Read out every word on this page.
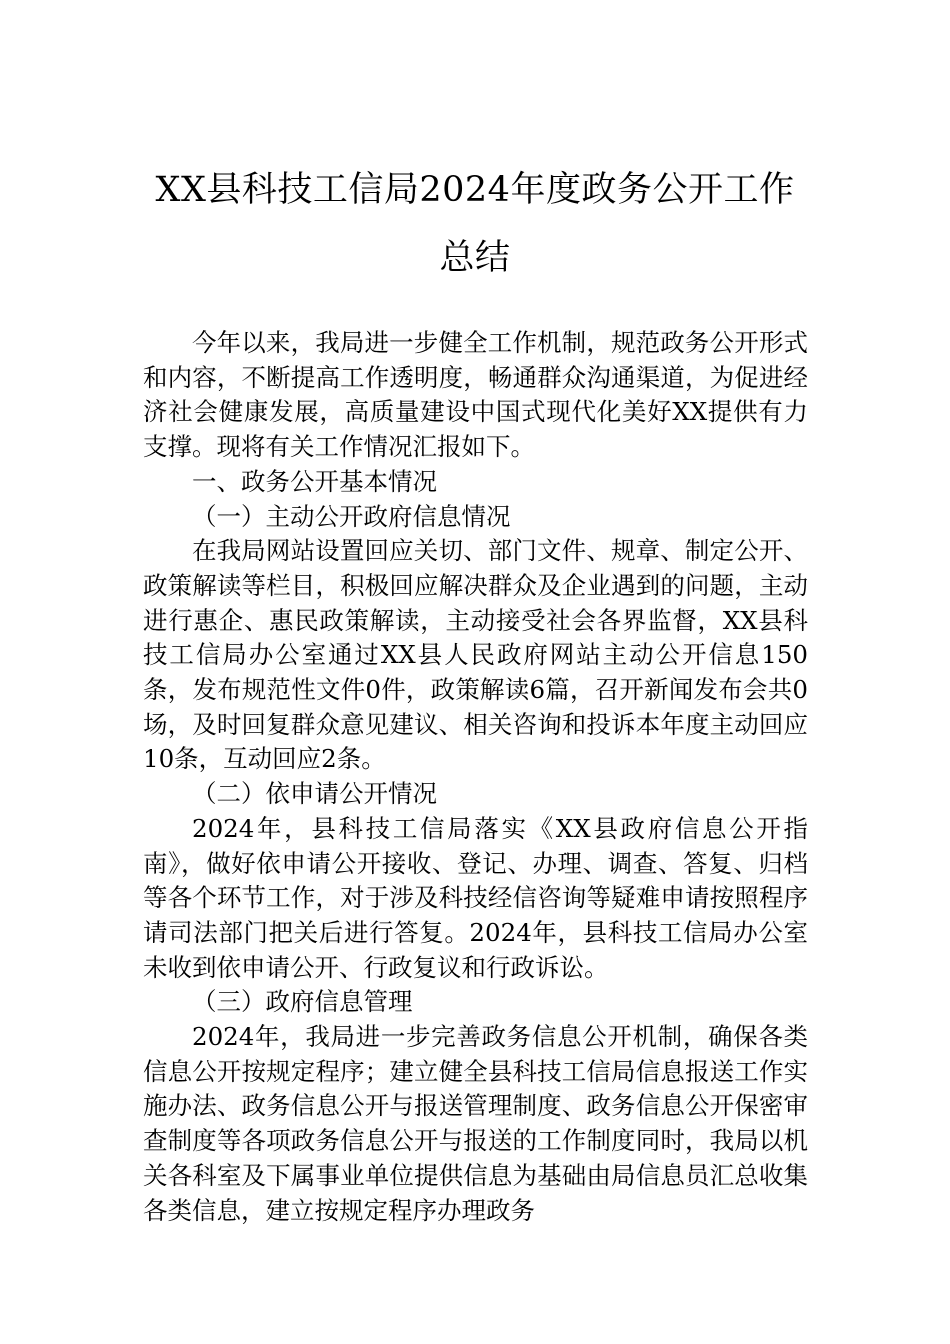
XX县科技工信局2024年度政务公开工作
总结

今年以来，我局进一步健全工作机制，规范政务公开形式和内容，不断提高工作透明度，畅通群众沟通渠道，为促进经济社会健康发展，高质量建设中国式现代化美好XX提供有力支撑。现将有关工作情况汇报如下。

一、政务公开基本情况

（一）主动公开政府信息情况

在我局网站设置回应关切、部门文件、规章、制定公开、政策解读等栏目，积极回应解决群众及企业遇到的问题，主动进行惠企、惠民政策解读，主动接受社会各界监督，XX县科技工信局办公室通过XX县人民政府网站主动公开信息150条，发布规范性文件0件，政策解读6篇，召开新闻发布会共0场，及时回复群众意见建议、相关咨询和投诉本年度主动回应10条，互动回应2条。

（二）依申请公开情况

2024年，县科技工信局落实《XX县政府信息公开指南》，做好依申请公开接收、登记、办理、调查、答复、归档等各个环节工作，对于涉及科技经信咨询等疑难申请按照程序请司法部门把关后进行答复。2024年，县科技工信局办公室未收到依申请公开、行政复议和行政诉讼。

（三）政府信息管理

2024年，我局进一步完善政务信息公开机制，确保各类信息公开按规定程序；建立健全县科技工信局信息报送工作实施办法、政务信息公开与报送管理制度、政务信息公开保密审查制度等各项政务信息公开与报送的工作制度同时，我局以机关各科室及下属事业单位提供信息为基础由局信息员汇总收集各类信息，建立按规定程序办理政务
